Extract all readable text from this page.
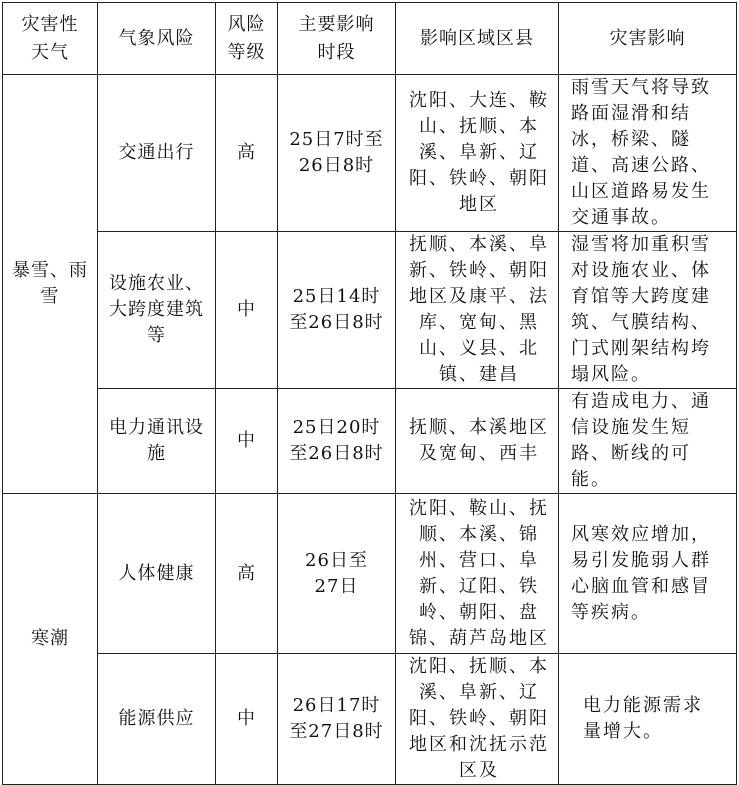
灾害性天气	气象风险	风险等级	主要影响时段	影响区域区县	灾害影响

暴雪、雨雪	交通出行	高	25日7时至26日8时	沈阳、大连、鞍山、抚顺、本溪、阜新、辽阳、铁岭、朝阳地区	雨雪天气将导致路面湿滑和结冰，桥梁、隧道、高速公路、山区道路易发生交通事故。

	设施农业、大跨度建筑等	中	25日14时至26日8时	抚顺、本溪、阜新、铁岭、朝阳地区及康平、法库、宽甸、黑山、义县、北镇、建昌	湿雪将加重积雪对设施农业、体育馆等大跨度建筑、气膜结构、门式刚架结构垮塌风险。

	电力通讯设施	中	25日20时至26日8时	抚顺、本溪地区及宽甸、西丰	有造成电力、通信设施发生短路、断线的可能。

寒潮	人体健康	高	26日至27日	沈阳、鞍山、抚顺、本溪、锦州、营口、阜新、辽阳、铁岭、朝阳、盘锦、葫芦岛地区	风寒效应增加，易引发脆弱人群心脑血管和感冒等疾病。

	能源供应	中	26日17时至27日8时	沈阳、抚顺、本溪、阜新、辽阳、铁岭、朝阳地区和沈抚示范区及	电力能源需求量增大。
